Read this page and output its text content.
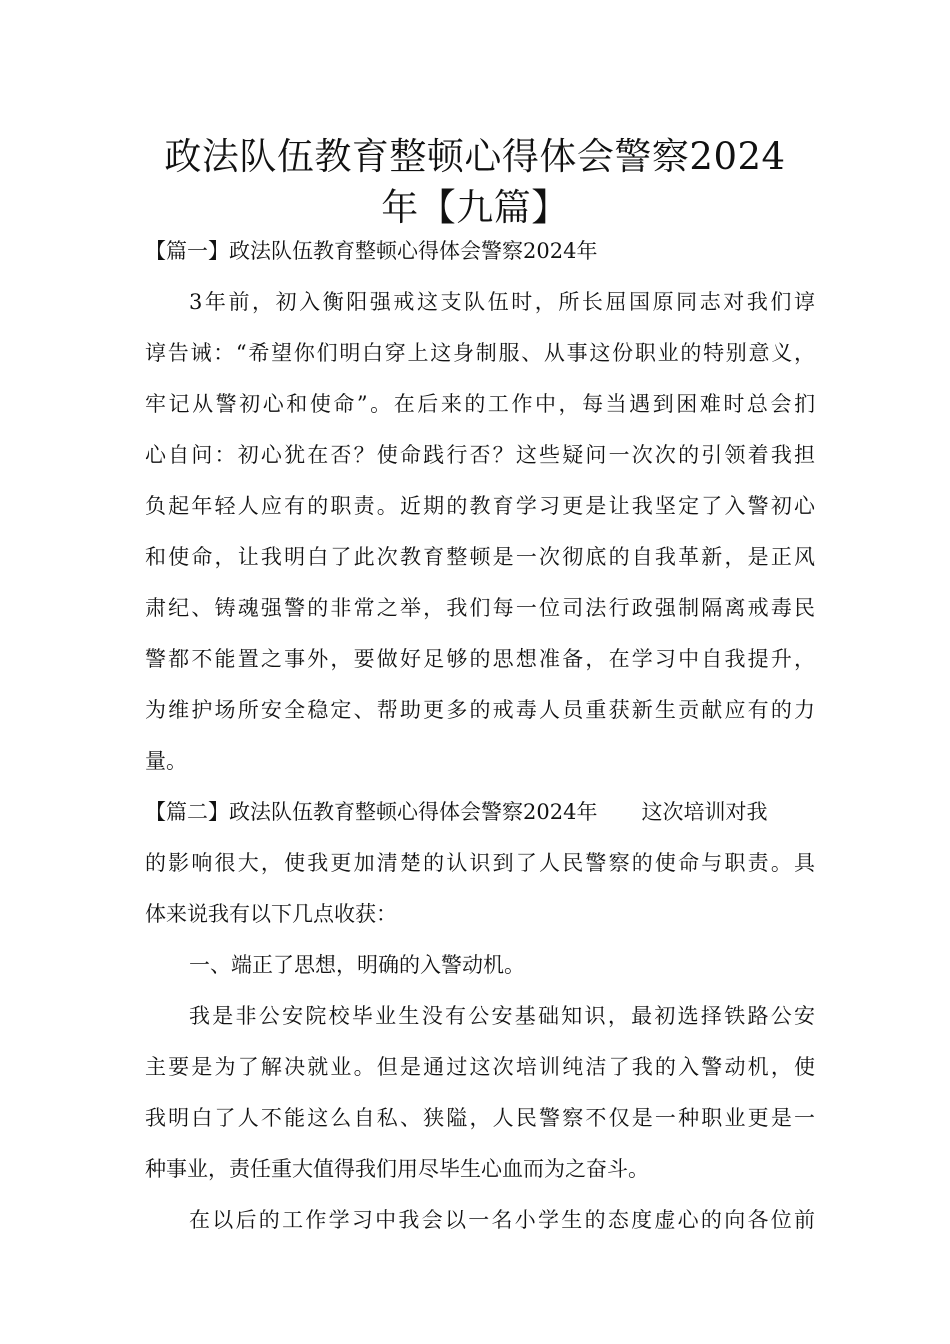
政法队伍教育整顿心得体会警察2024
年【九篇】

【篇一】政法队伍教育整顿心得体会警察2024年

3年前，初入衡阳强戒这支队伍时，所长屈国原同志对我们谆

谆告诫：“希望你们明白穿上这身制服、从事这份职业的特别意义，

牢记从警初心和使命”。在后来的工作中，每当遇到困难时总会扪

心自问：初心犹在否？使命践行否？这些疑问一次次的引领着我担

负起年轻人应有的职责。近期的教育学习更是让我坚定了入警初心

和使命，让我明白了此次教育整顿是一次彻底的自我革新，是正风

肃纪、铸魂强警的非常之举，我们每一位司法行政强制隔离戒毒民

警都不能置之事外，要做好足够的思想准备，在学习中自我提升，

为维护场所安全稳定、帮助更多的戒毒人员重获新生贡献应有的力

量。

【篇二】政法队伍教育整顿心得体会警察2024年 这次培训对我

的影响很大，使我更加清楚的认识到了人民警察的使命与职责。具

体来说我有以下几点收获：

一、端正了思想，明确的入警动机。

我是非公安院校毕业生没有公安基础知识，最初选择铁路公安

主要是为了解决就业。但是通过这次培训纯洁了我的入警动机，使

我明白了人不能这么自私、狭隘，人民警察不仅是一种职业更是一

种事业，责任重大值得我们用尽毕生心血而为之奋斗。

在以后的工作学习中我会以一名小学生的态度虚心的向各位前
